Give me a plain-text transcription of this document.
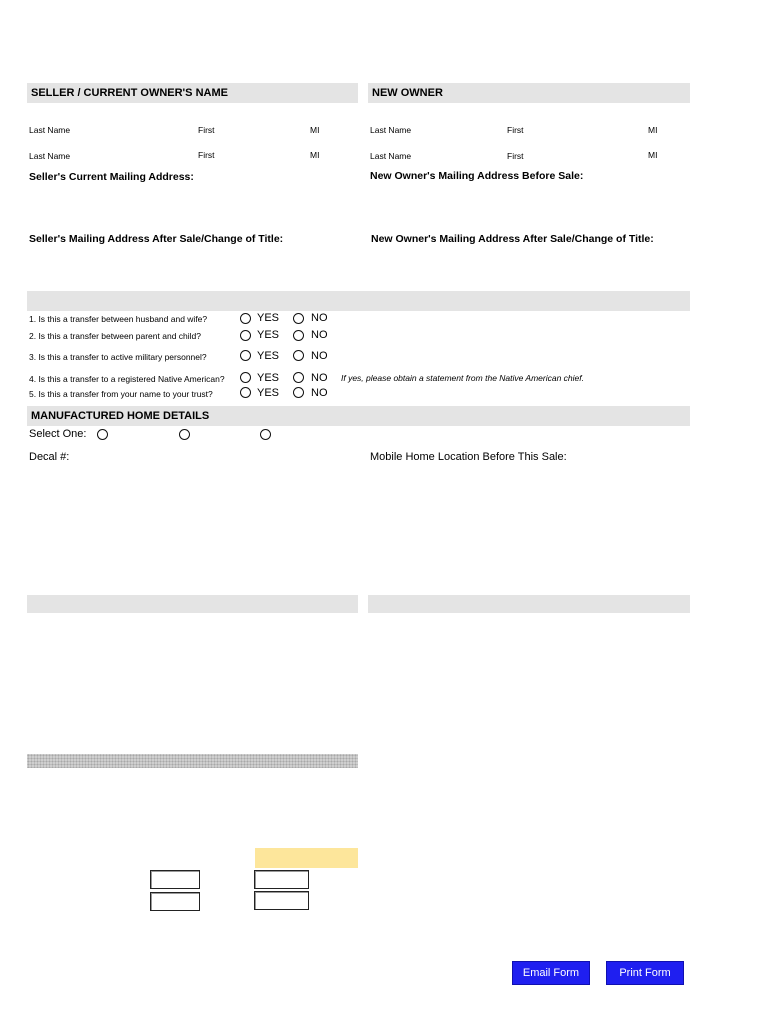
SELLER / CURRENT OWNER'S NAME	NEW OWNER
Last Name	First	MI
Last Name	First	MI
Last Name	First	MI
Last Name	First	MI
Seller's Current Mailing Address:	New Owner's Mailing Address Before Sale:
Seller's Mailing Address After Sale/Change of Title:	New Owner's Mailing Address After Sale/Change of Title:
1. Is this a transfer between husband and wife?	YES	NO
2. Is this a transfer between parent and child?	YES	NO
3. Is this a transfer to active military personnel?	YES	NO
4. Is this a transfer to a registered Native American?	YES	NO If yes, please obtain a statement from the Native American chief.
5. Is this a transfer from your name to your trust?	YES	NO
MANUFACTURED HOME DETAILS
Select One:
Decal #:	Mobile Home Location Before This Sale:
Email Form	Print Form
